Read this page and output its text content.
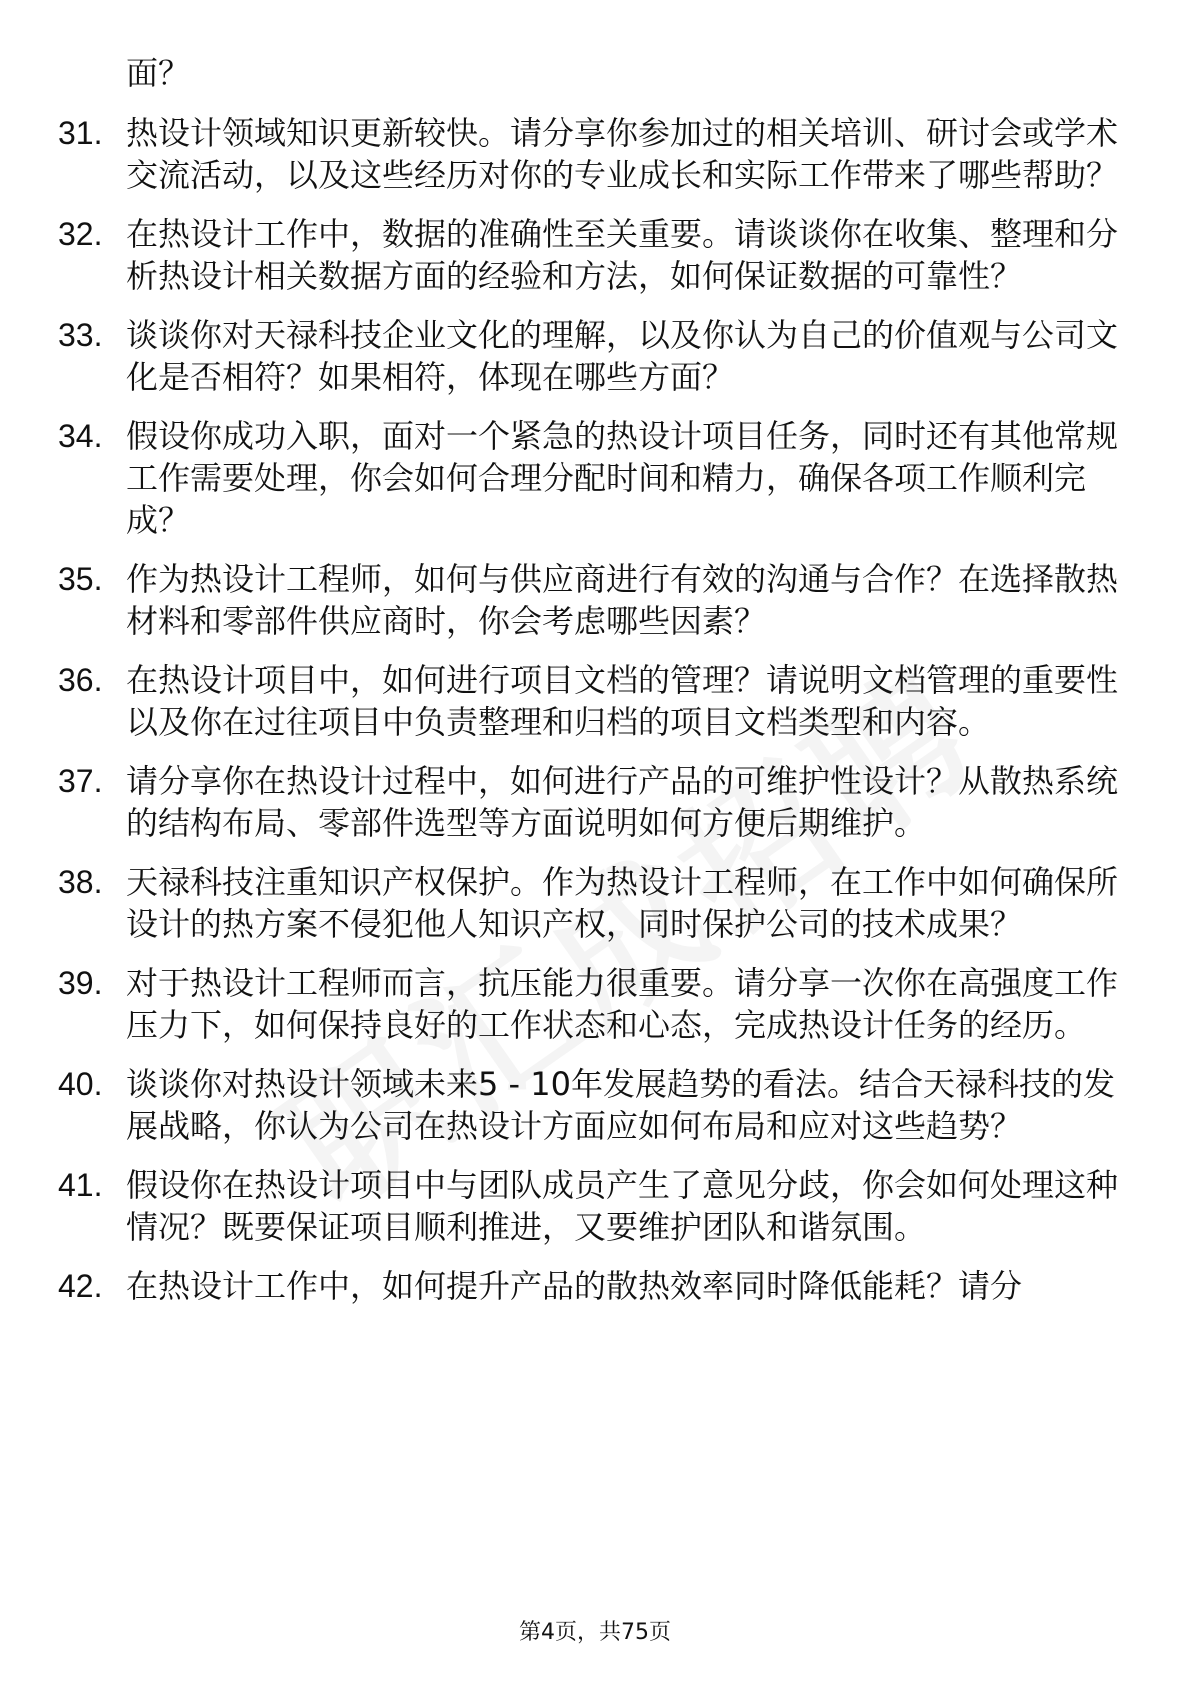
面？
31. 热设计领域知识更新较快。请分享你参加过的相关培训、研讨会或学术交流活动，以及这些经历对你的专业成长和实际工作带来了哪些帮助？
32. 在热设计工作中，数据的准确性至关重要。请谈谈你在收集、整理和分析热设计相关数据方面的经验和方法，如何保证数据的可靠性？
33. 谈谈你对天禄科技企业文化的理解，以及你认为自己的价值观与公司文化是否相符？如果相符，体现在哪些方面？
34. 假设你成功入职，面对一个紧急的热设计项目任务，同时还有其他常规工作需要处理，你会如何合理分配时间和精力，确保各项工作顺利完成？
35. 作为热设计工程师，如何与供应商进行有效的沟通与合作？在选择散热材料和零部件供应商时，你会考虑哪些因素？
36. 在热设计项目中，如何进行项目文档的管理？请说明文档管理的重要性以及你在过往项目中负责整理和归档的项目文档类型和内容。
37. 请分享你在热设计过程中，如何进行产品的可维护性设计？从散热系统的结构布局、零部件选型等方面说明如何方便后期维护。
38. 天禄科技注重知识产权保护。作为热设计工程师，在工作中如何确保所设计的热方案不侵犯他人知识产权，同时保护公司的技术成果？
39. 对于热设计工程师而言，抗压能力很重要。请分享一次你在高强度工作压力下，如何保持良好的工作状态和心态，完成热设计任务的经历。
40. 谈谈你对热设计领域未来5 - 10年发展趋势的看法。结合天禄科技的发展战略，你认为公司在热设计方面应如何布局和应对这些趋势？
41. 假设你在热设计项目中与团队成员产生了意见分歧，你会如何处理这种情况？既要保证项目顺利推进，又要维护团队和谐氛围。
42. 在热设计工作中，如何提升产品的散热效率同时降低能耗？请分
第4页，共75页
